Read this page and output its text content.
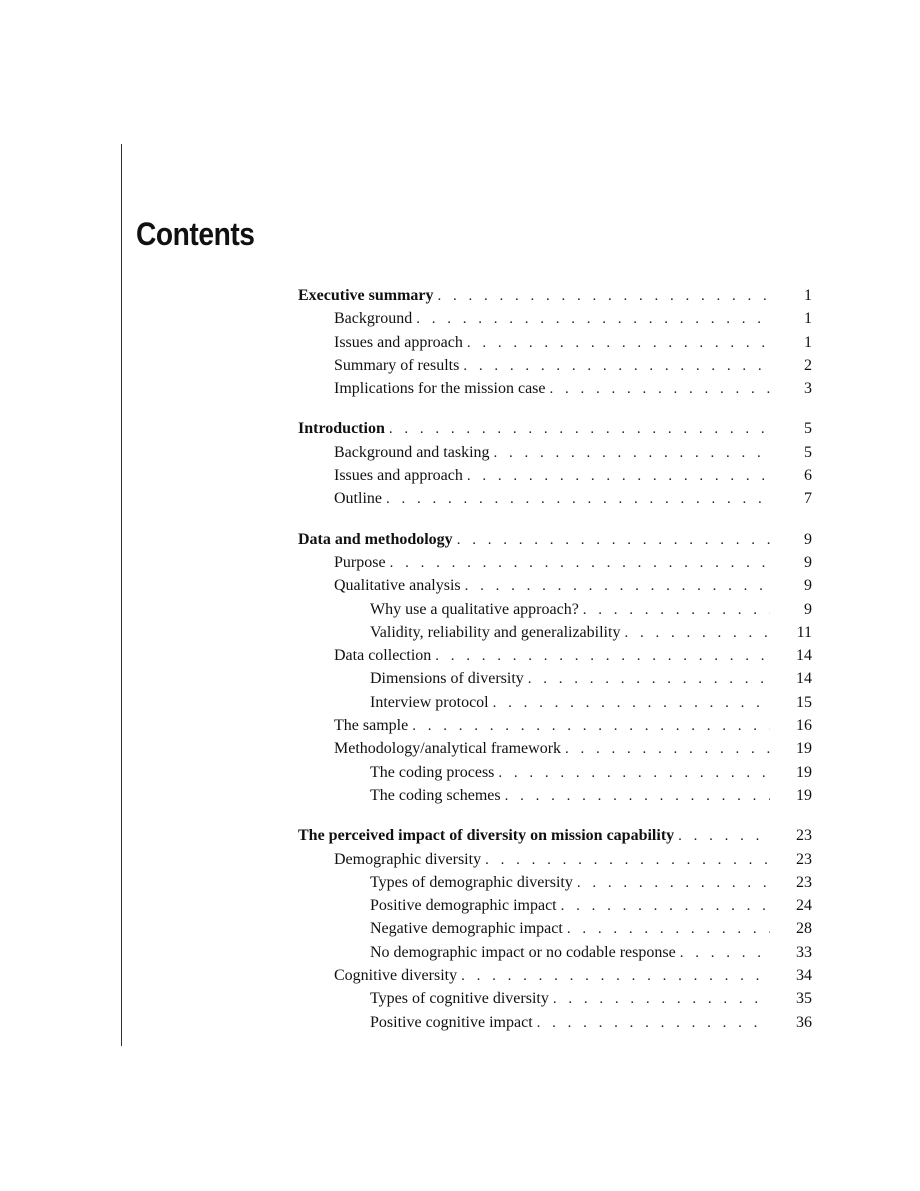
Contents
Executive summary . . .	1
Background . . .	1
Issues and approach . . .	1
Summary of results . . .	2
Implications for the mission case . . .	3
Introduction . . .	5
Background and tasking . . .	5
Issues and approach . . .	6
Outline . . .	7
Data and methodology . . .	9
Purpose . . .	9
Qualitative analysis . . .	9
Why use a qualitative approach? . . .	9
Validity, reliability and generalizability . . .	11
Data collection . . .	14
Dimensions of diversity . . .	14
Interview protocol . . .	15
The sample . . .	16
Methodology/analytical framework . . .	19
The coding process . . .	19
The coding schemes . . .	19
The perceived impact of diversity on mission capability . . .	23
Demographic diversity . . .	23
Types of demographic diversity . . .	23
Positive demographic impact . . .	24
Negative demographic impact . . .	28
No demographic impact or no codable response . . .	33
Cognitive diversity . . .	34
Types of cognitive diversity . . .	35
Positive cognitive impact . . .	36
